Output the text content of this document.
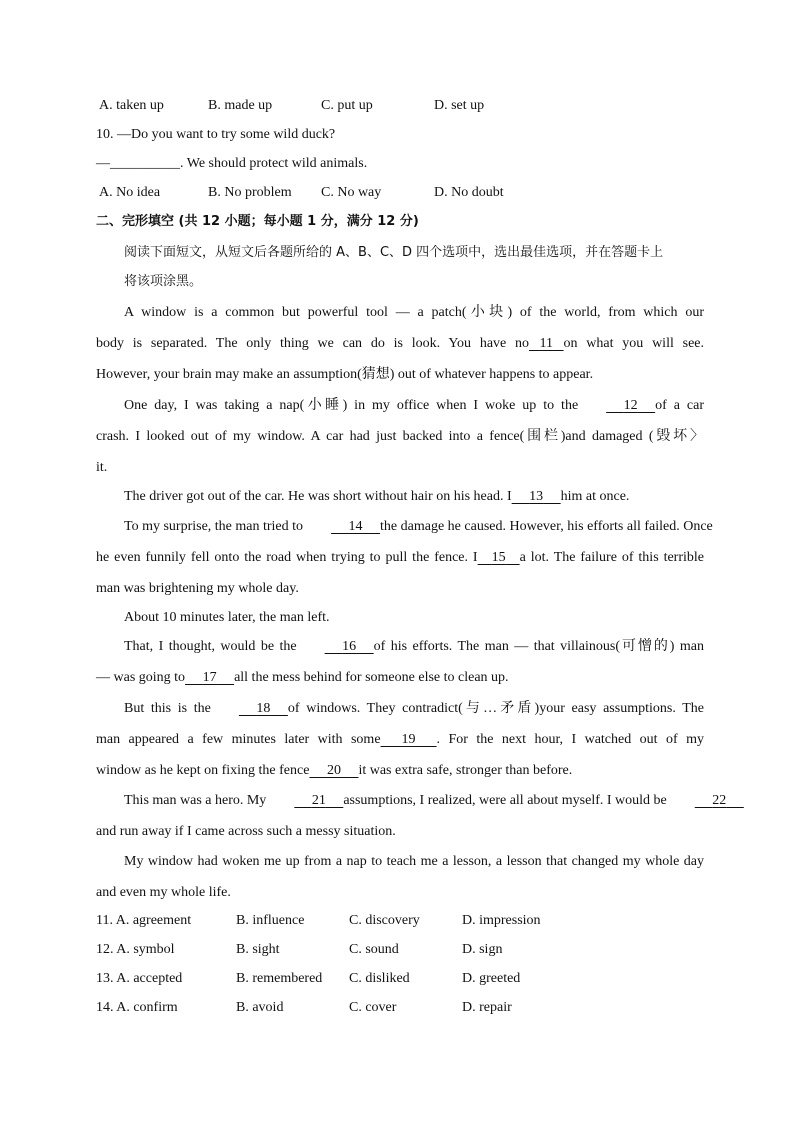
A. taken up	B. made up	C. put up	D. set up
10. —Do you want to try some wild duck?
—__________. We should protect wild animals.
A. No idea	B. No problem C. No way	D. No doubt
二、完形填空 (共 12 小题；每小题 1 分，满分 12 分)
阅读下面短文，从短文后各题所给的 A、B、C、D 四个选项中，选出最佳选项，并在答题卡上
将该项涂黑。
A window is a common but powerful tool — a patch(小块) of the world, from which our
body is separated. The only thing we can do is look. You have no 11 on what you will see.
However, your brain may make an assumption(猜想) out of whatever happens to appear.
One day, I was taking a nap(小睡) in my office when I woke up to the	12 of a car
crash. I looked out of my window. A car had just backed into a fence(围栏)and damaged (毁坏〉
it.
The driver got out of the car. He was short without hair on his head. I 13 him at once.
To my surprise, the man tried to	14 the damage he caused. However, his efforts all failed. Once
he even funnily fell onto the road when trying to pull the fence. I 15 a lot. The failure of this terrible
man was brightening my whole day.
About 10 minutes later, the man left.
That, I thought, would be the	16 of his efforts. The man — that villainous(可憎的) man
— was going to 17 all the mess behind for someone else to clean up.
But this is the	18 of windows. They contradict(与…矛盾)your easy assumptions. The
man appeared a few minutes later with some 19 . For the next hour, I watched out of my
window as he kept on fixing the fence 20 it was extra safe, stronger than before.
This man was a hero. My	21 assumptions, I realized, were all about myself. I would be	22
and run away if I came across such a messy situation.
My window had woken me up from a nap to teach me a lesson, a lesson that changed my whole day
and even my whole life.
11. A. agreement	B. influence	C. discovery	D. impression
12. A. symbol	B. sight	C. sound	D. sign
13. A. accepted	B. remembered C. disliked	D. greeted
14. A. confirm	B. avoid	C. cover	D. repair
